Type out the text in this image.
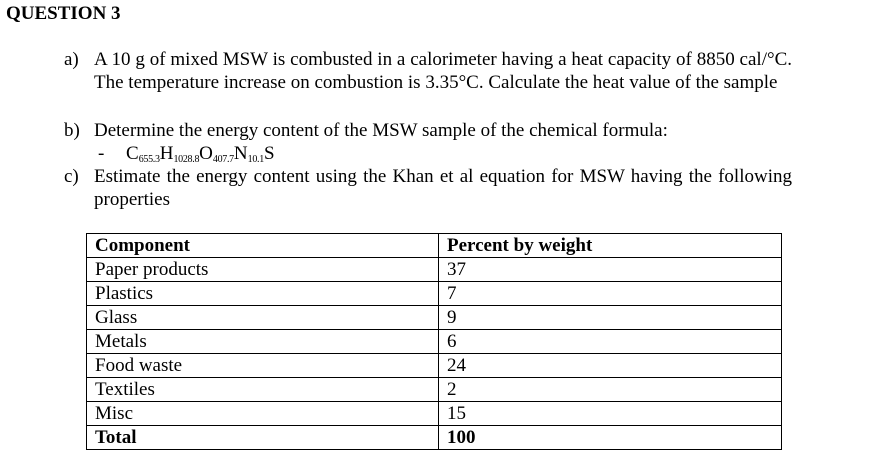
QUESTION 3
a) A 10 g of mixed MSW is combusted in a calorimeter having a heat capacity of 8850 cal/°C. The temperature increase on combustion is 3.35°C. Calculate the heat value of the sample
b) Determine the energy content of the MSW sample of the chemical formula:
- $C_{655.3}H_{1028.8}O_{407.7}N_{10.1}S$
c) Estimate the energy content using the Khan et al equation for MSW having the following properties
Component	Percent by weight
Paper products	37
Plastics	7
Glass	9
Metals	6
Food waste	24
Textiles	2
Misc	15
Total	100
